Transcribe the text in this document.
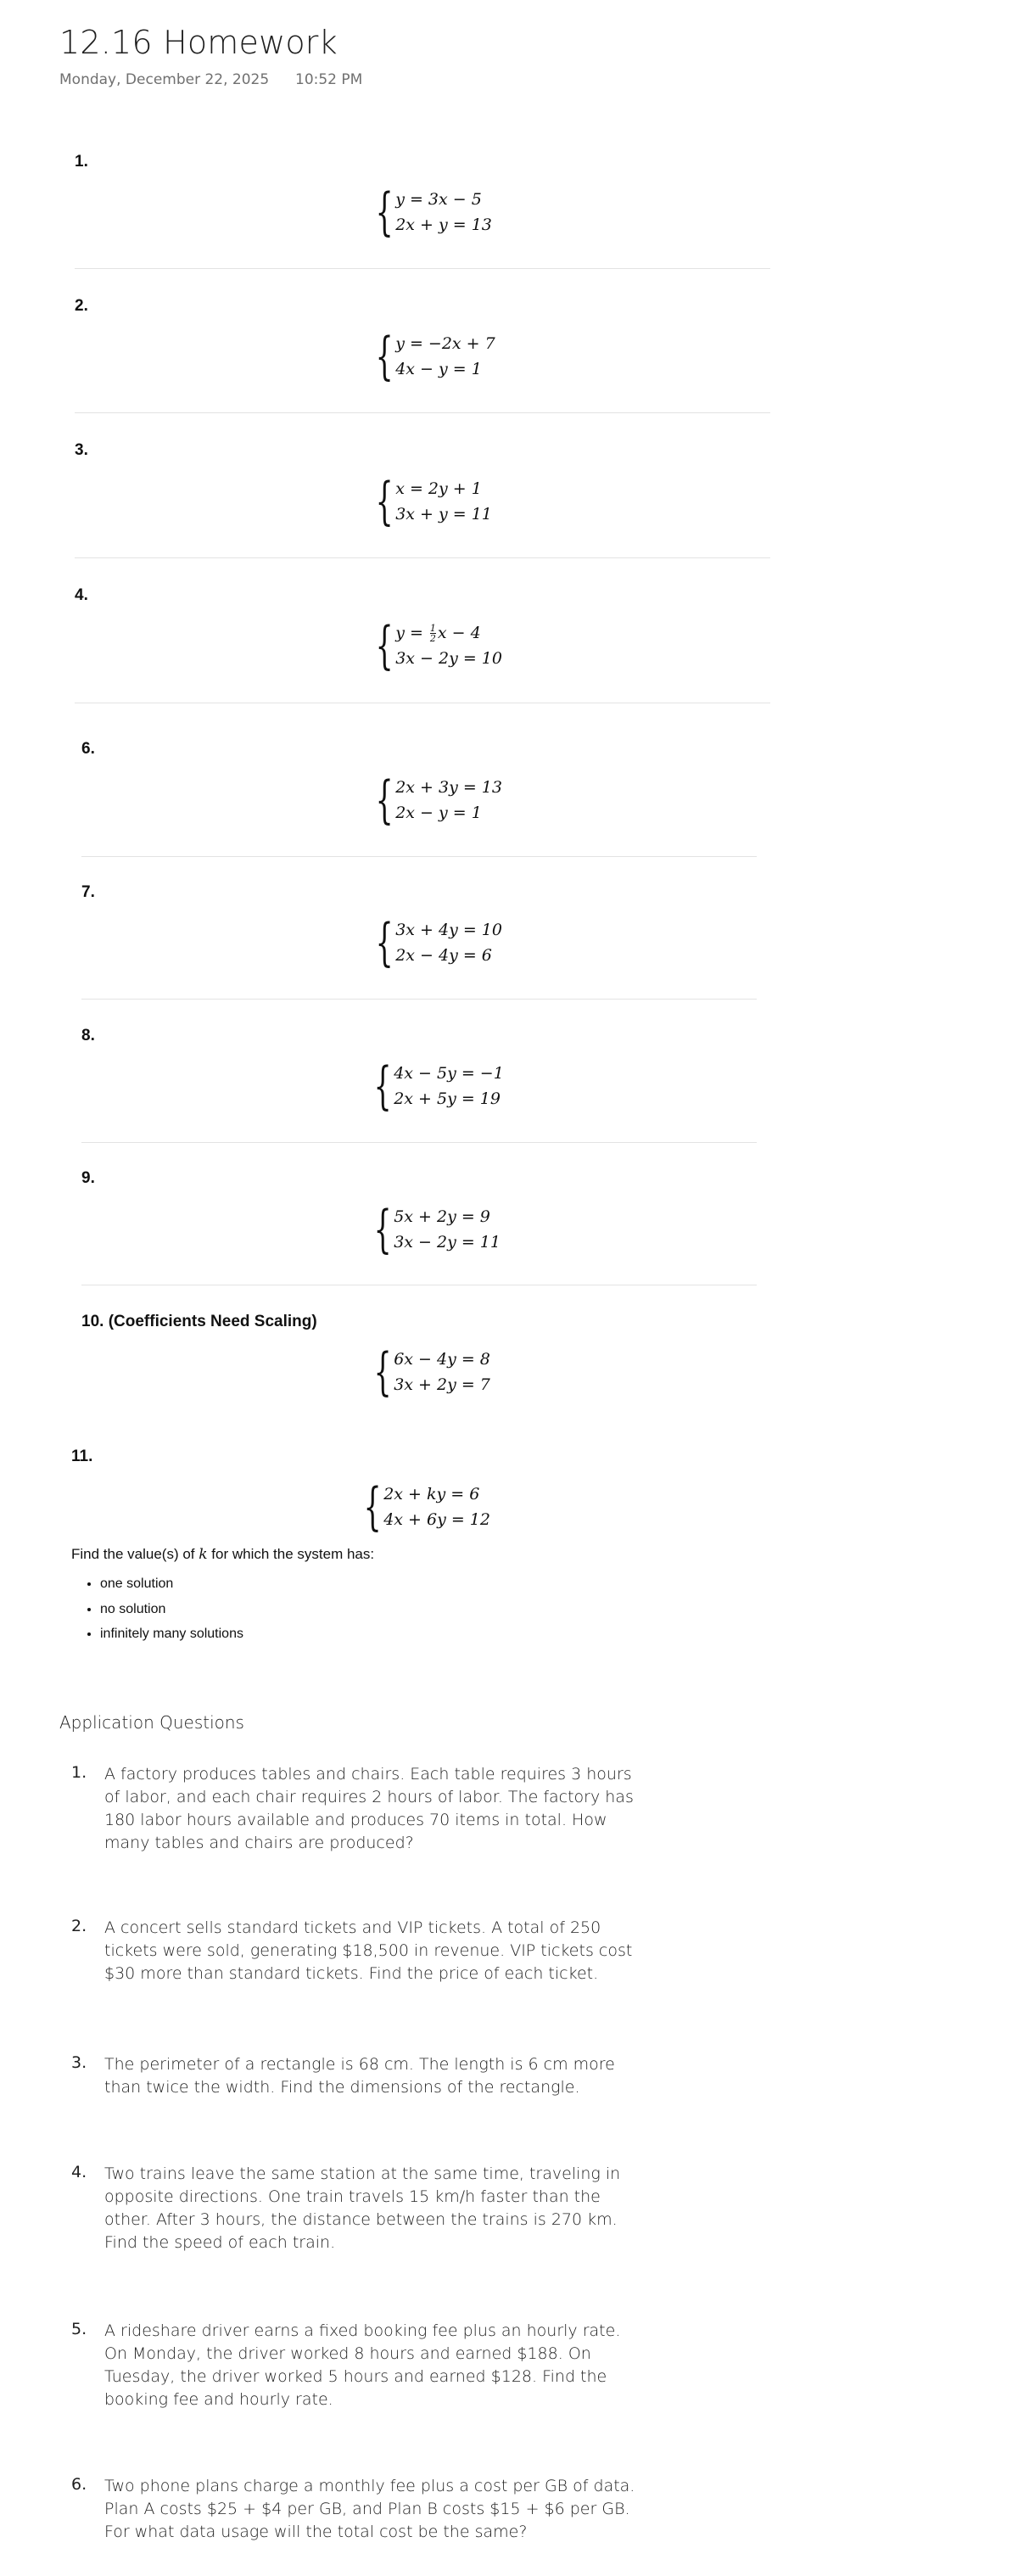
12.16 Homework
Monday, December 22, 2025 10:52 PM
1.
{ y = 3x − 5
2x + y = 13
2.
{ y = −2x + 7
4x − y = 1
3.
{ x = 2y + 1
3x + y = 11
4.
{ $y = \frac{1}{2}$ x − 4
3x − 2y = 10
6.
{ 2x + 3y = 13
2x − y = 1
7.
{ 3x + 4y = 10
2x − 4y = 6
8.
{ 4x − 5y = −1
2x + 5y = 19
9.
{ 5x + 2y = 9
3x − 2y = 11
10. (Coefficients Need Scaling)
{ 6x − 4y = 8
3x + 2y = 7
11.
{ 2x + ky = 6
4x + 6y = 12
Find the value(s) of k for which the system has:
• one solution
• no solution
• infinitely many solutions
Application Questions
1. A factory produces tables and chairs. Each table requires 3 hours of labor, and each chair requires 2 hours of labor. The factory has 180 labor hours available and produces 70 items in total. How many tables and chairs are produced?
2. A concert sells standard tickets and VIP tickets. A total of 250 tickets were sold, generating $18,500 in revenue. VIP tickets cost $30 more than standard tickets. Find the price of each ticket.
3. The perimeter of a rectangle is 68 cm. The length is 6 cm more than twice the width. Find the dimensions of the rectangle.
4. Two trains leave the same station at the same time, traveling in opposite directions. One train travels 15 km/h faster than the other. After 3 hours, the distance between the trains is 270 km. Find the speed of each train.
5. A rideshare driver earns a fixed booking fee plus an hourly rate. On Monday, the driver worked 8 hours and earned $188. On Tuesday, the driver worked 5 hours and earned $128. Find the booking fee and hourly rate.
6. Two phone plans charge a monthly fee plus a cost per GB of data. Plan A costs $25 + $4 per GB, and Plan B costs $15 + $6 per GB. For what data usage will the total cost be the same?
